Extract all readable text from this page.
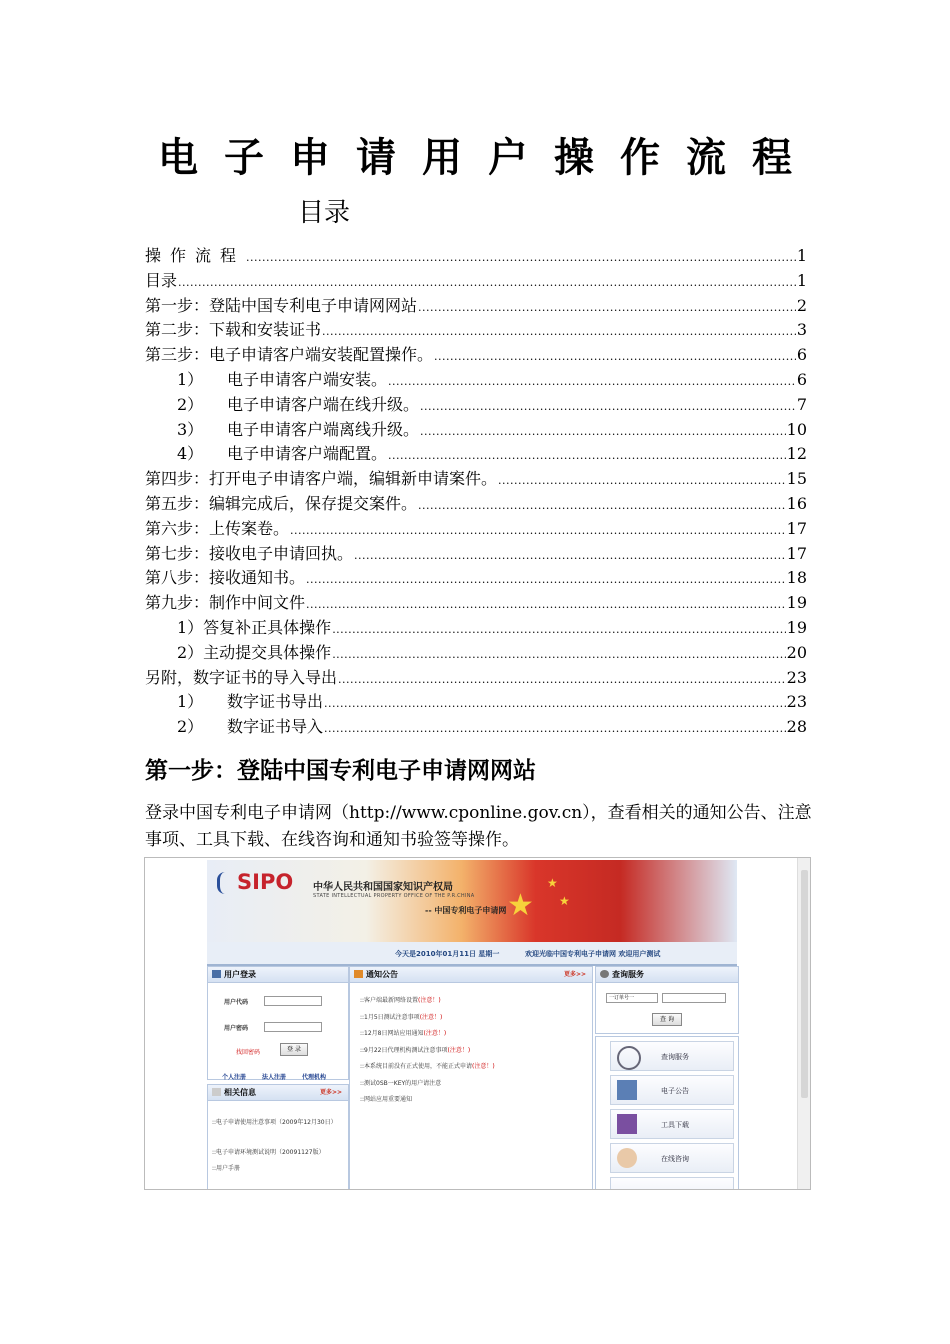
电子申请用户操作流程
目录
操作流程 .....	1
目录 .....	1
第一步：登陆中国专利电子申请网网站 .....	2
第二步：下载和安装证书 .....	3
第三步：电子申请客户端安装配置操作。 .....	6
1）	电子申请客户端安装。 .....	6
2）	电子申请客户端在线升级。 .....	7
3）	电子申请客户端离线升级。 .....	10
4）	电子申请客户端配置。 .....	12
第四步：打开电子申请客户端，编辑新申请案件。 .....	15
第五步：编辑完成后，保存提交案件。 .....	16
第六步：上传案卷。 .....	17
第七步：接收电子申请回执。 .....	17
第八步：接收通知书。 .....	18
第九步：制作中间文件 .....	19
1）答复补正具体操作 .....	19
2）主动提交具体操作 .....	20
另附，数字证书的导入导出 .....	23
1）	数字证书导出 .....	23
2）	数字证书导入 .....	28
第一步：登陆中国专利电子申请网网站
登录中国专利电子申请网（http://www.cponline.gov.cn），查看相关的通知公告、注意事项、工具下载、在线咨询和通知书验签等操作。
★
★
★
SIPO 中华人民共和国国家知识产权局
STATE INTELLECTUAL PROPERTY OFFICE OF THE P.R.CHINA
-- 中国专利电子申请网
今天是2010年01月11日 星期一	欢迎光临中国专利电子申请网 欢迎用户测试
用户登录
用户代码
用户密码
找回密码	登 录
个人注册	法人注册	代理机构
相关信息	更多>>
::电子申请使用注意事项（2009年12月30日）
::电子申请环境测试说明（20091127版）
::用户手册
通知公告	更多>>
::客户端最新网络设置(注意！)
::1月5日测试注意事项(注意！)
::12月8日网站应用通知(注意！)
::9月22日代理机构测试注意事项(注意！)
::本系统目前没有正式使用，不能正式申请(注意！)
::测试0SB一KEY的用户请注意
::网站应用重要通知
查询服务
一订单号一
查 询
查询服务
电子公告
工具下载
在线咨询
